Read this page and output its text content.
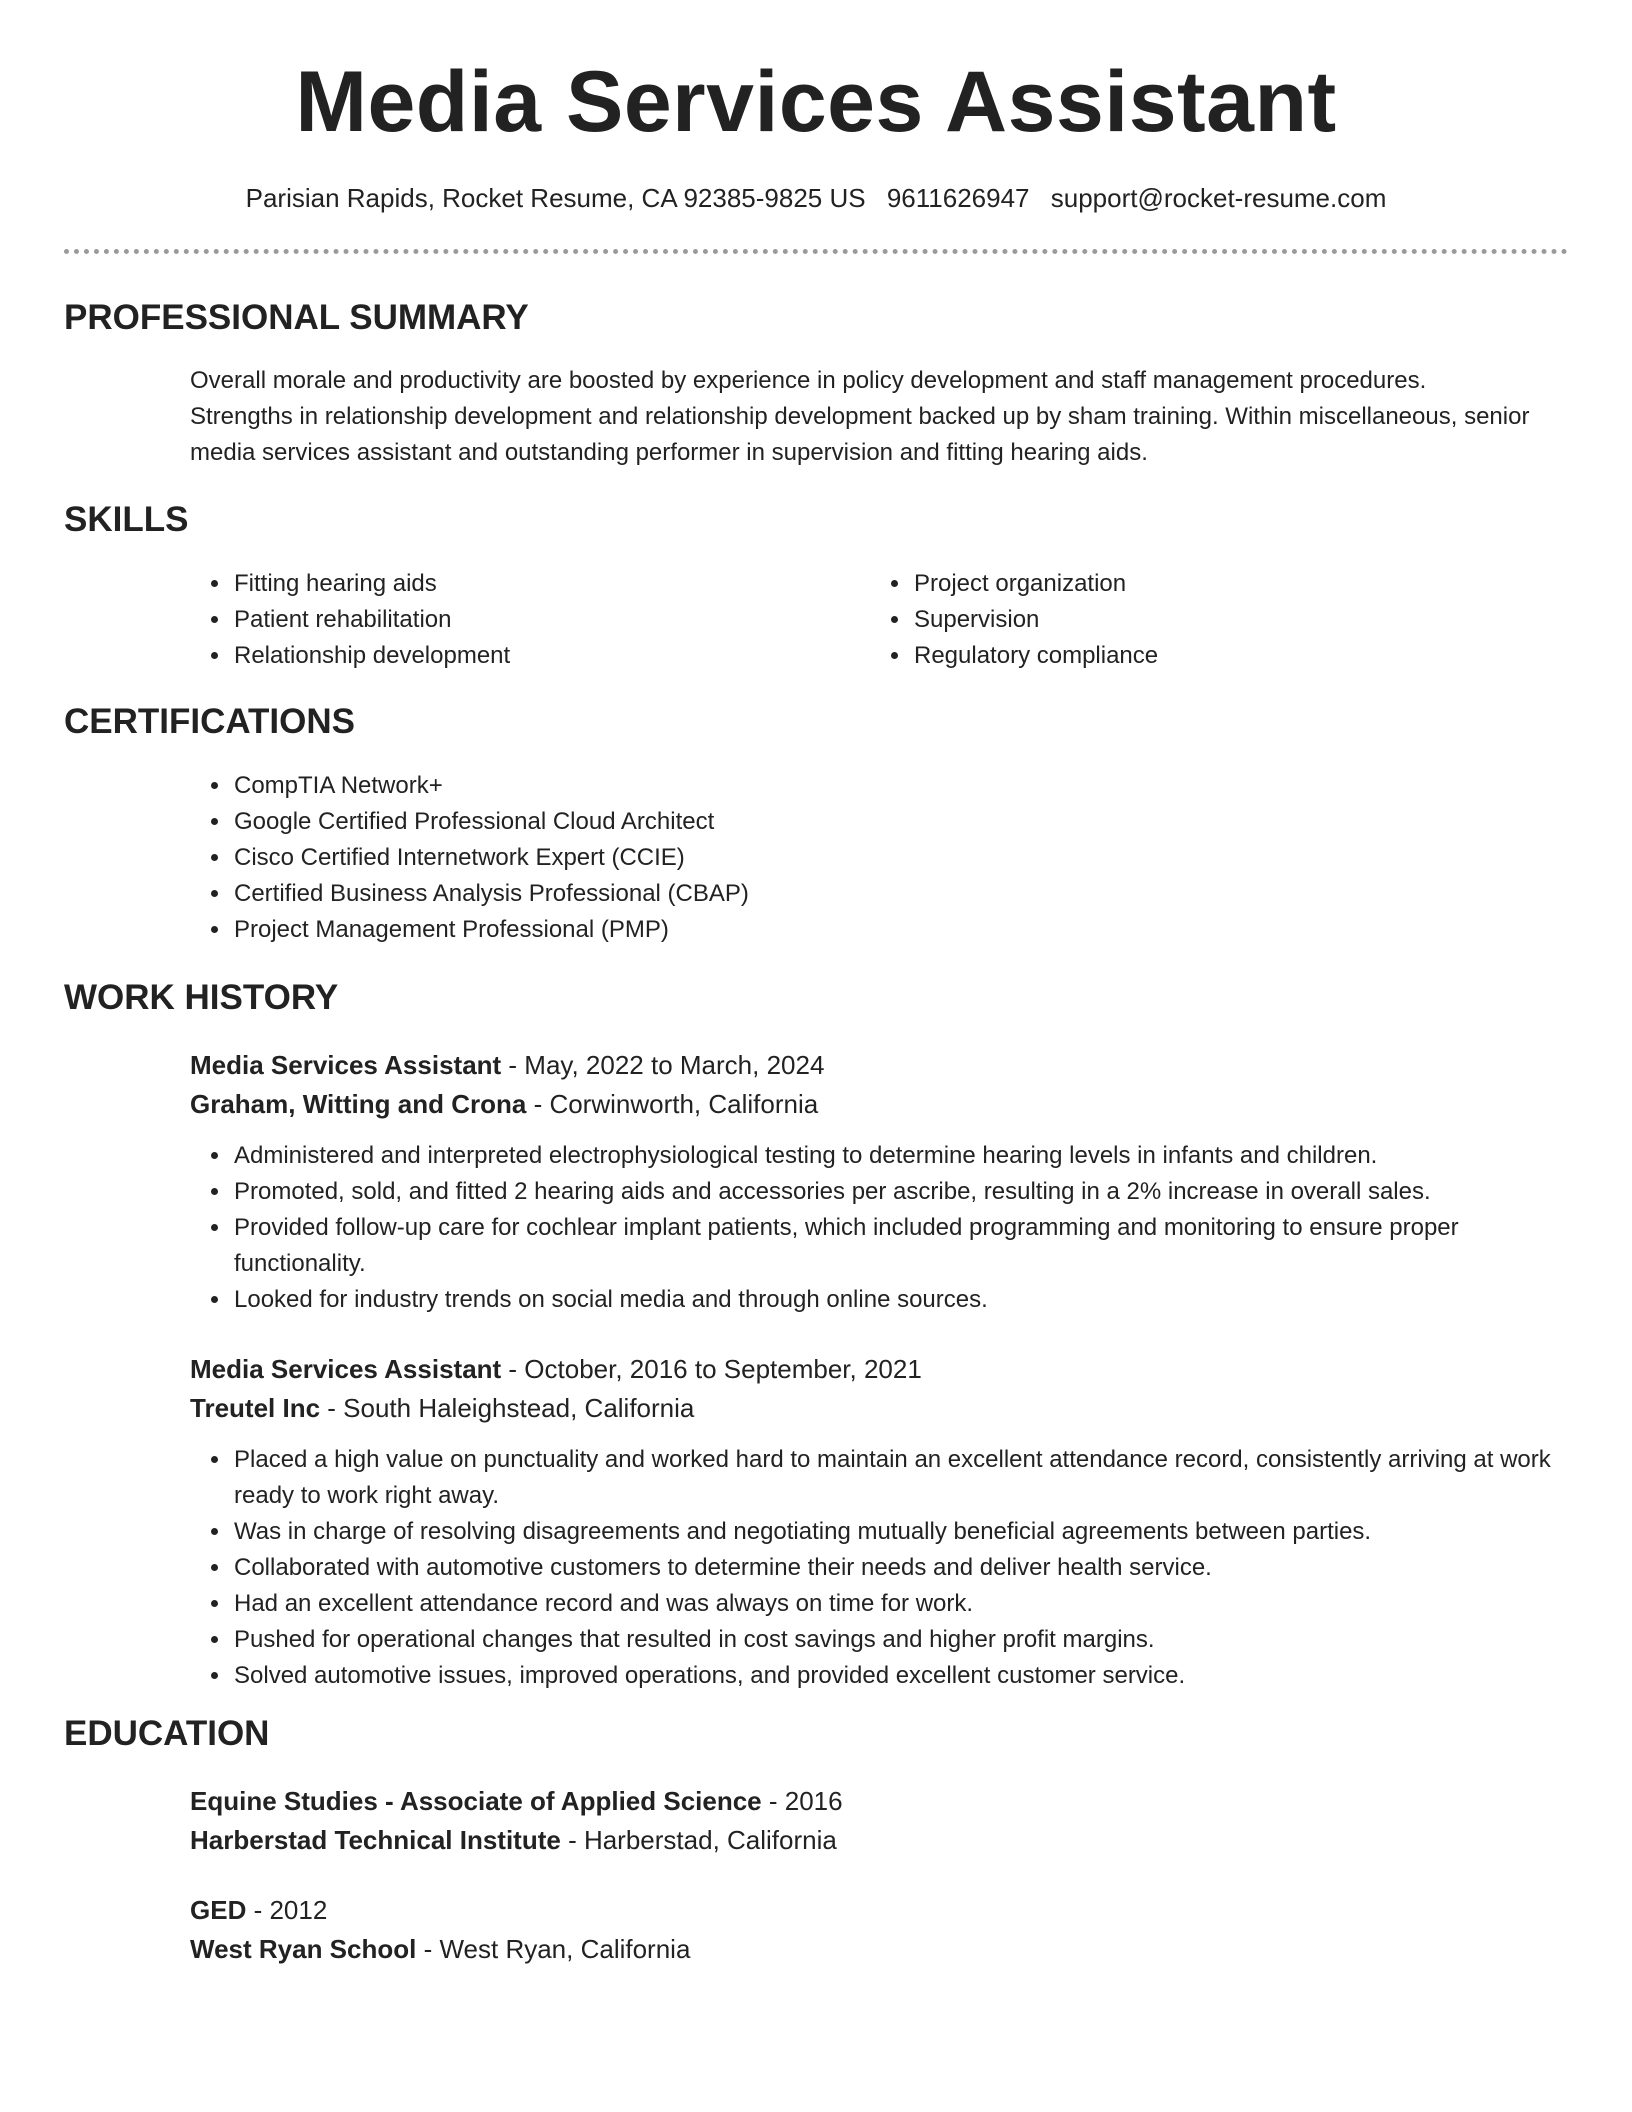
Media Services Assistant
Parisian Rapids, Rocket Resume, CA 92385-9825 US 9611626947 support@rocket-resume.com
PROFESSIONAL SUMMARY

Overall morale and productivity are boosted by experience in policy development and staff management procedures. Strengths in relationship development and relationship development backed up by sham training. Within miscellaneous, senior media services assistant and outstanding performer in supervision and fitting hearing aids.

SKILLS
• Fitting hearing aids
• Patient rehabilitation
• Relationship development
• Project organization
• Supervision
• Regulatory compliance
CERTIFICATIONS
• CompTIA Network+
• Google Certified Professional Cloud Architect
• Cisco Certified Internetwork Expert (CCIE)
• Certified Business Analysis Professional (CBAP)
• Project Management Professional (PMP)
WORK HISTORY
Media Services Assistant - May, 2022 to March, 2024
Graham, Witting and Crona - Corwinworth, California
• Administered and interpreted electrophysiological testing to determine hearing levels in infants and children.
• Promoted, sold, and fitted 2 hearing aids and accessories per ascribe, resulting in a 2% increase in overall sales.
• Provided follow-up care for cochlear implant patients, which included programming and monitoring to ensure proper functionality.
• Looked for industry trends on social media and through online sources.
Media Services Assistant - October, 2016 to September, 2021
Treutel Inc - South Haleighstead, California
• Placed a high value on punctuality and worked hard to maintain an excellent attendance record, consistently arriving at work ready to work right away.
• Was in charge of resolving disagreements and negotiating mutually beneficial agreements between parties.
• Collaborated with automotive customers to determine their needs and deliver health service.
• Had an excellent attendance record and was always on time for work.
• Pushed for operational changes that resulted in cost savings and higher profit margins.
• Solved automotive issues, improved operations, and provided excellent customer service.
EDUCATION
Equine Studies - Associate of Applied Science - 2016
Harberstad Technical Institute - Harberstad, California
GED - 2012
West Ryan School - West Ryan, California
